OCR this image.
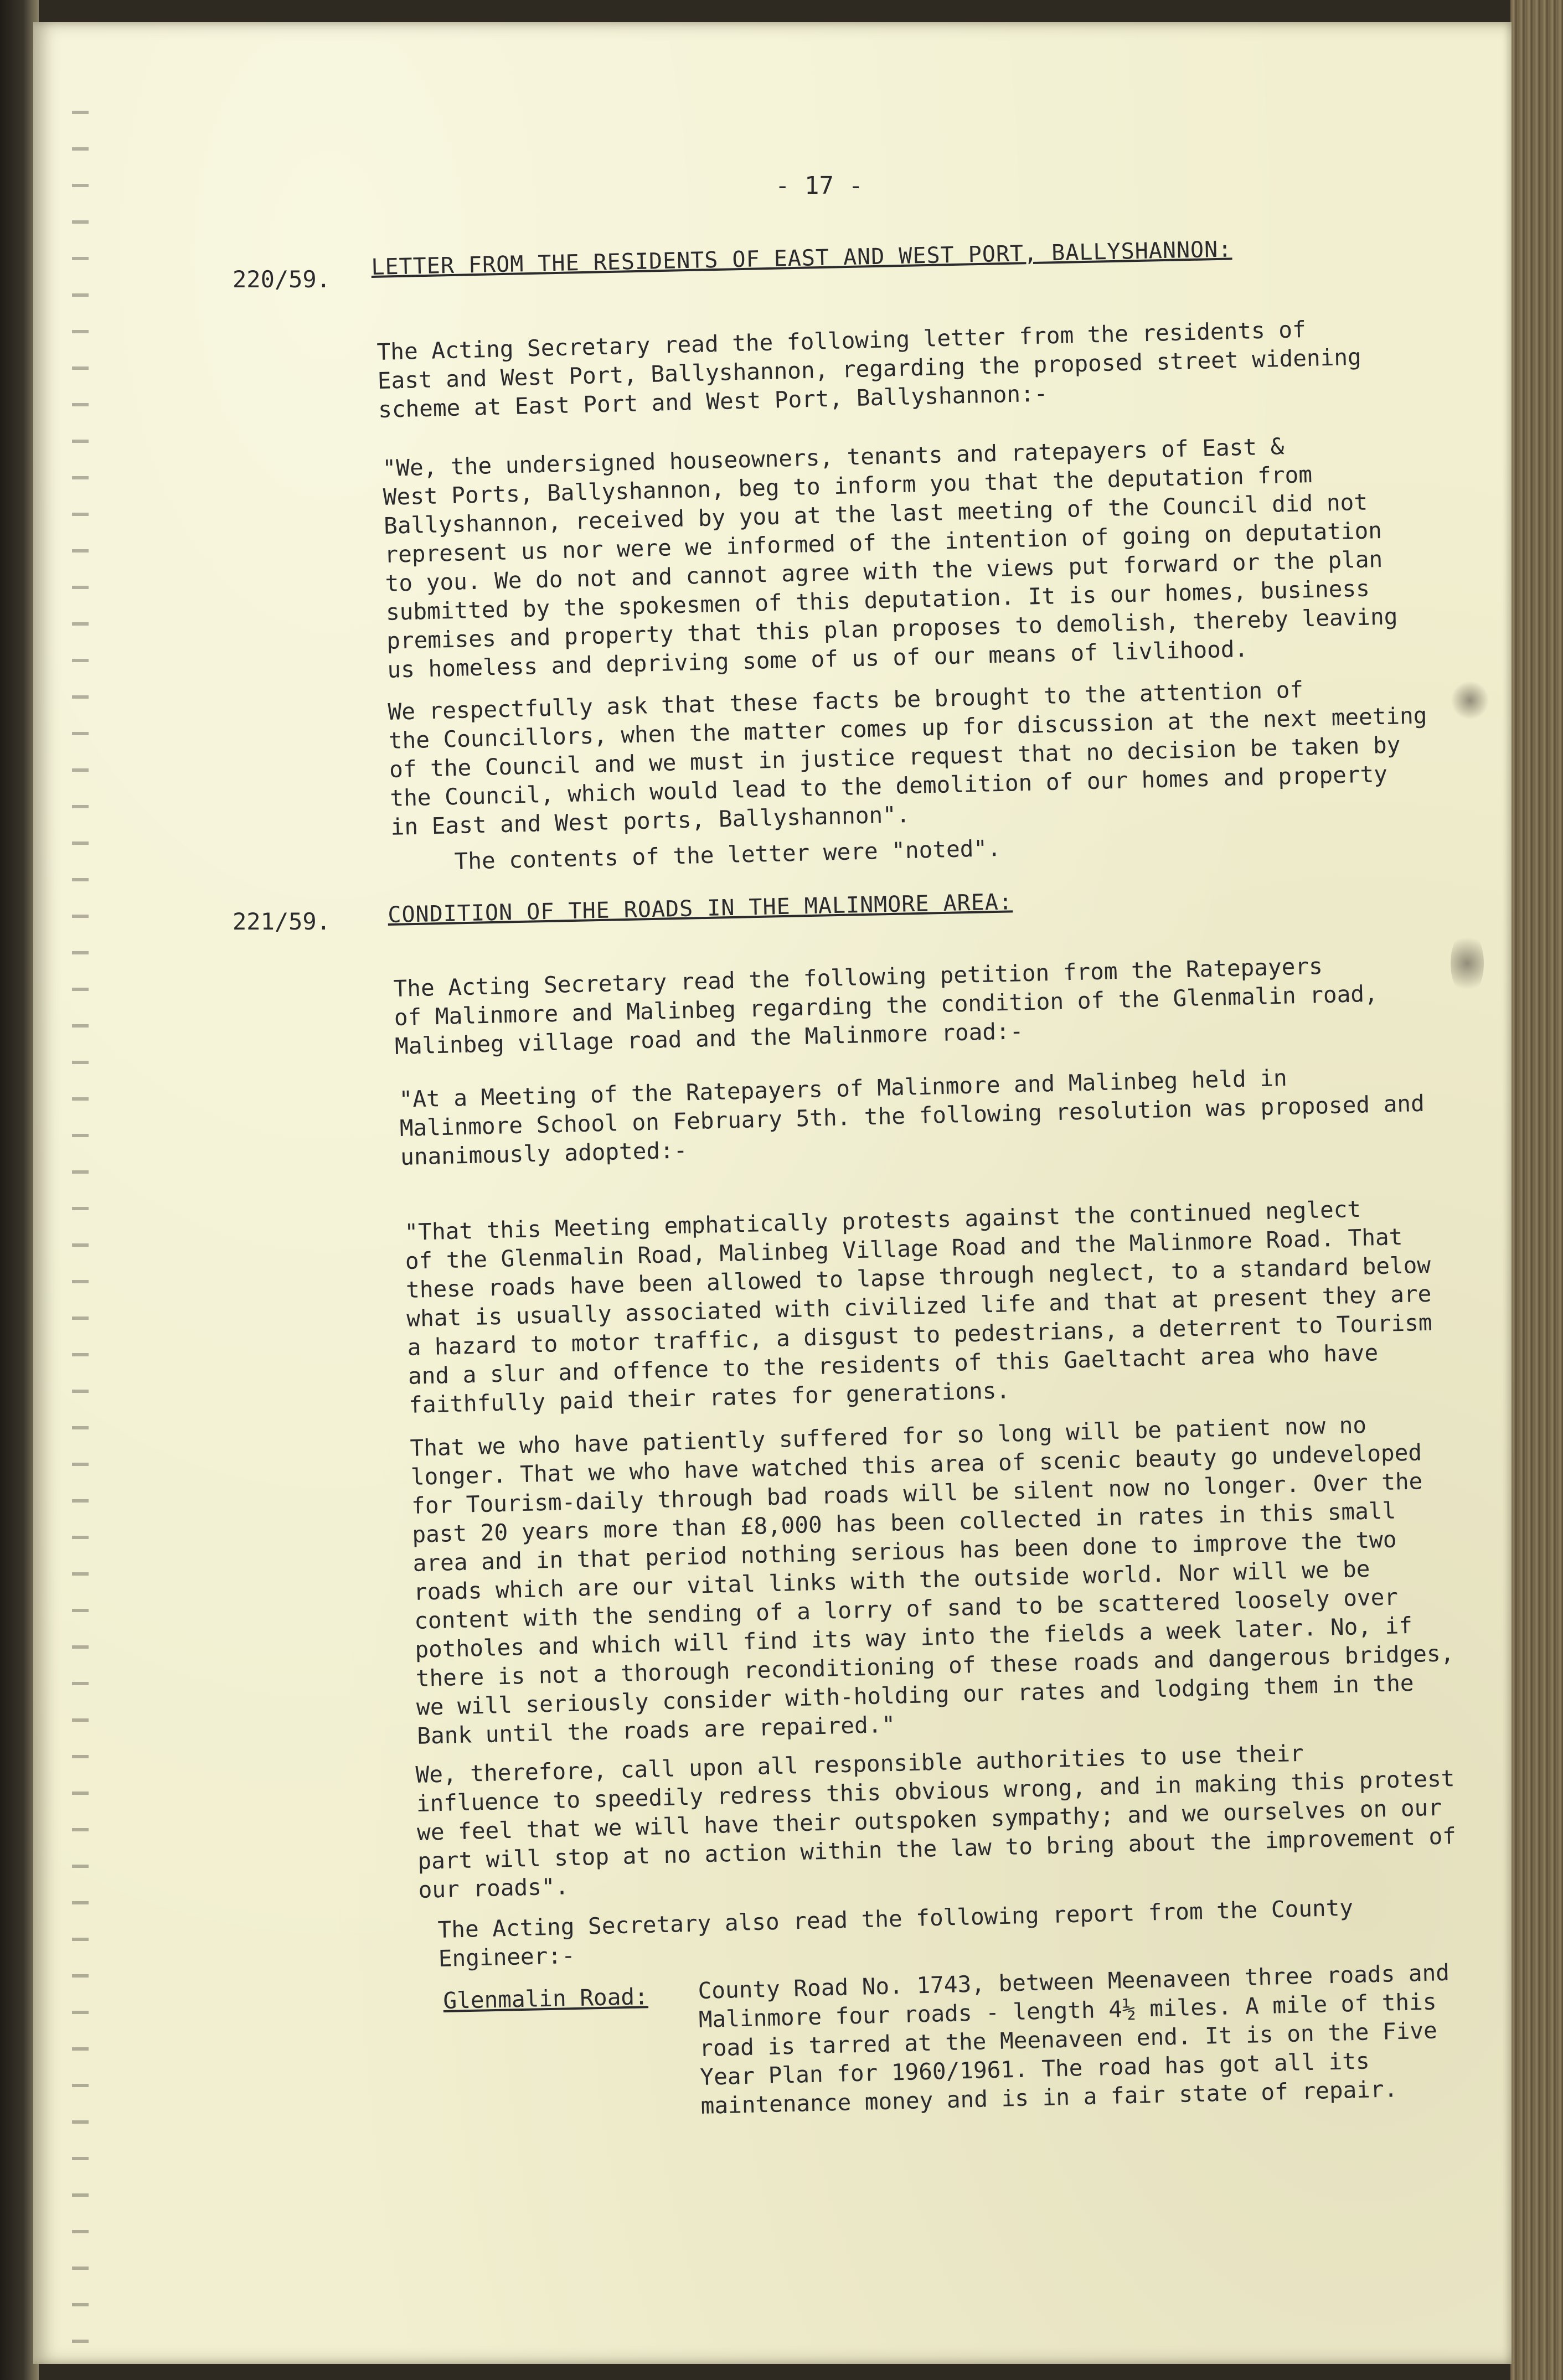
- 17 -
220/59. LETTER FROM THE RESIDENTS OF EAST AND WEST PORT, BALLYSHANNON:
The Acting Secretary read the following letter from the residents of
East and West Port, Ballyshannon, regarding the proposed street widening
scheme at East Port and West Port, Ballyshannon:-
"We, the undersigned houseowners, tenants and ratepayers of East &
West Ports, Ballyshannon, beg to inform you that the deputation from
Ballyshannon, received by you at the last meeting of the Council did not
represent us nor were we informed of the intention of going on deputation
to you. We do not and cannot agree with the views put forward or the plan
submitted by the spokesmen of this deputation. It is our homes, business
premises and property that this plan proposes to demolish, thereby leaving
us homeless and depriving some of us of our means of livlihood.
We respectfully ask that these facts be brought to the attention of
the Councillors, when the matter comes up for discussion at the next meeting
of the Council and we must in justice request that no decision be taken by
the Council, which would lead to the demolition of our homes and property
in East and West ports, Ballyshannon".
The contents of the letter were "noted".
221/59.	CONDITION OF THE ROADS IN THE MALINMORE AREA:
The Acting Secretary read the following petition from the Ratepayers
of Malinmore and Malinbeg regarding the condition of the Glenmalin road,
Malinbeg village road and the Malinmore road:-
"At a Meeting of the Ratepayers of Malinmore and Malinbeg held in
Malinmore School on February 5th. the following resolution was proposed and
unanimously adopted:-
"That this Meeting emphatically protests against the continued neglect
of the Glenmalin Road, Malinbeg Village Road and the Malinmore Road. That
these roads have been allowed to lapse through neglect, to a standard below
what is usually associated with civilized life and that at present they are
a hazard to motor traffic, a disgust to pedestrians, a deterrent to Tourism
and a slur and offence to the residents of this Gaeltacht area who have
faithfully paid their rates for generations.
That we who have patiently suffered for so long will be patient now no
longer. That we who have watched this area of scenic beauty go undeveloped
for Tourism-daily through bad roads will be silent now no longer. Over the
past 20 years more than £8,000 has been collected in rates in this small
area and in that period nothing serious has been done to improve the two
roads which are our vital links with the outside world. Nor will we be
content with the sending of a lorry of sand to be scattered loosely over
potholes and which will find its way into the fields a week later. No, if
there is not a thorough reconditioning of these roads and dangerous bridges,
we will seriously consider with-holding our rates and lodging them in the
Bank until the roads are repaired."
We, therefore, call upon all responsible authorities to use their
influence to speedily redress this obvious wrong, and in making this protest
we feel that we will have their outspoken sympathy; and we ourselves on our
part will stop at no action within the law to bring about the improvement of
our roads".
The Acting Secretary also read the following report from the County
Engineer:-
Glenmalin Road: County Road No. 1743, between Meenaveen three roads and
Malinmore four roads - length 4½ miles. A mile of this
road is tarred at the Meenaveen end. It is on the Five
Year Plan for 1960/1961. The road has got all its
maintenance money and is in a fair state of repair.
